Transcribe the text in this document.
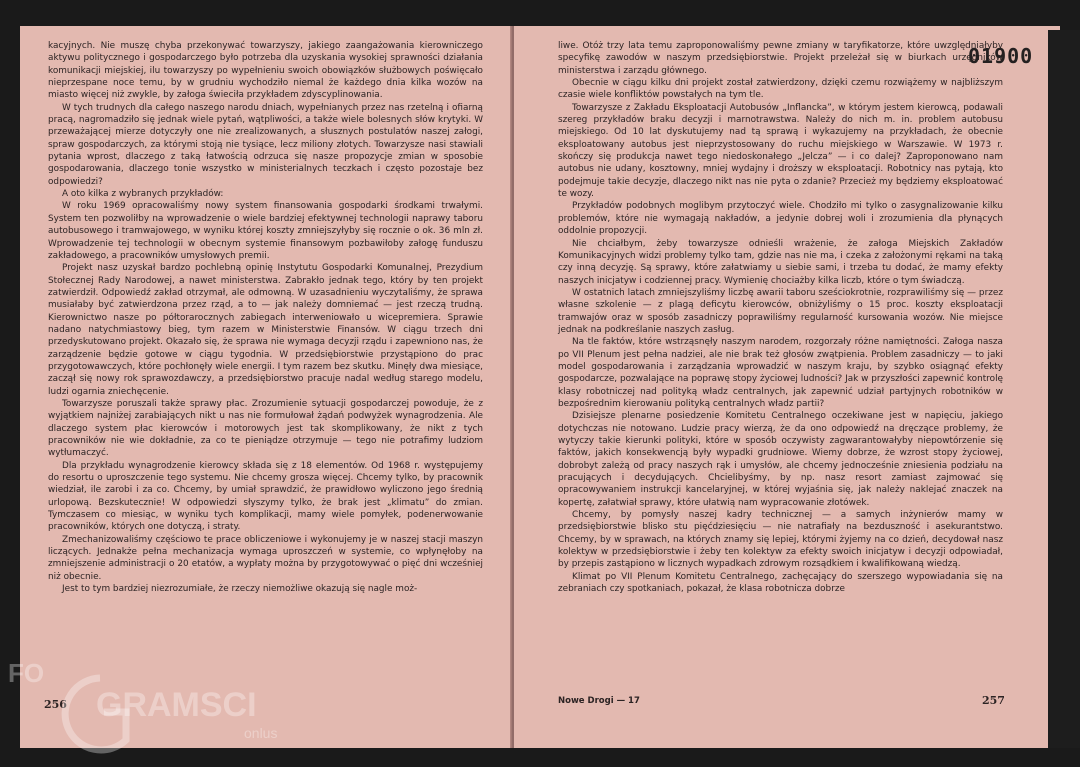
kacyjnych. Nie muszę chyba przekonywać towarzyszy, jakiego zaangażowania kierowniczego aktywu politycznego i gospodarczego było potrzeba dla uzyskania wysokiej sprawności działania komunikacji miejskiej, ilu towarzyszy po wypełnieniu swoich obowiązków służbowych poświęcało nieprzespane noce temu, by w grudniu wychodziło niemal że każdego dnia kilka wozów na miasto więcej niż zwykle, by załoga świeciła przykładem zdyscyplinowania.

W tych trudnych dla całego naszego narodu dniach, wypełnianych przez nas rzetelną i ofiarną pracą, nagromadziło się jednak wiele pytań, wątpliwości, a także wiele bolesnych słów krytyki. W przeważającej mierze dotyczyły one nie zrealizowanych, a słusznych postulatów naszej załogi, spraw gospodarczych, za którymi stoją nie tysiące, lecz miliony złotych. Towarzysze nasi stawiali pytania wprost, dlaczego z taką łatwością odrzuca się nasze propozycje zmian w sposobie gospodarowania, dlaczego tonie wszystko w ministerialnych teczkach i często pozostaje bez odpowiedzi?

A oto kilka z wybranych przykładów:

W roku 1969 opracowaliśmy nowy system finansowania gospodarki środkami trwałymi. System ten pozwoliłby na wprowadzenie o wiele bardziej efektywnej technologii naprawy taboru autobusowego i tramwajowego, w wyniku której koszty zmniejszyłyby się rocznie o ok. 36 mln zł. Wprowadzenie tej technologii w obecnym systemie finansowym pozbawiłoby załogę funduszu zakładowego, a pracowników umysłowych premii.

Projekt nasz uzyskał bardzo pochlebną opinię Instytutu Gospodarki Komunalnej, Prezydium Stołecznej Rady Narodowej, a nawet ministerstwa. Zabrakło jednak tego, który by ten projekt zatwierdził. Odpowiedź zakład otrzymał, ale odmowną. W uzasadnieniu wyczytaliśmy, że sprawa musiałaby być zatwierdzona przez rząd, a to — jak należy domniemać — jest rzeczą trudną. Kierownictwo nasze po półtorarocznych zabiegach interweniowało u wicepremiera. Sprawie nadano natychmiastowy bieg, tym razem w Ministerstwie Finansów. W ciągu trzech dni przedyskutowano projekt. Okazało się, że sprawa nie wymaga decyzji rządu i zapewniono nas, że zarządzenie będzie gotowe w ciągu tygodnia. W przedsiębiorstwie przystąpiono do prac przygotowawczych, które pochłonęły wiele energii. I tym razem bez skutku. Minęły dwa miesiące, zaczął się nowy rok sprawozdawczy, a przedsiębiorstwo pracuje nadal według starego modelu, ludzi ogarnia zniechęcenie.

Towarzysze poruszali także sprawy płac. Zrozumienie sytuacji gospodarczej powoduje, że z wyjątkiem najniżej zarabiających nikt u nas nie formułował żądań podwyżek wynagrodzenia. Ale dlaczego system płac kierowców i motorowych jest tak skomplikowany, że nikt z tych pracowników nie wie dokładnie, za co te pieniądze otrzymuje — tego nie potrafimy ludziom wytłumaczyć.

Dla przykładu wynagrodzenie kierowcy składa się z 18 elementów. Od 1968 r. występujemy do resortu o uproszczenie tego systemu. Nie chcemy grosza więcej. Chcemy tylko, by pracownik wiedział, ile zarobi i za co. Chcemy, by umiał sprawdzić, że prawidłowo wyliczono jego średnią urlopową. Bezskutecznie! W odpowiedzi słyszymy tylko, że brak jest „klimatu” do zmian. Tymczasem co miesiąc, w wyniku tych komplikacji, mamy wiele pomyłek, podenerwowanie pracowników, których one dotyczą, i straty.

Zmechanizowaliśmy częściowo te prace obliczeniowe i wykonujemy je w naszej stacji maszyn liczących. Jednakże pełna mechanizacja wymaga uproszczeń w systemie, co wpłynęłoby na zmniejszenie administracji o 20 etatów, a wypłaty można by przygotowywać o pięć dni wcześniej niż obecnie.

Jest to tym bardziej niezrozumiałe, że rzeczy niemożliwe okazują się nagle moż-

256

liwe. Otóż trzy lata temu zaproponowaliśmy pewne zmiany w taryfikatorze, które uwzględniałyby specyfikę zawodów w naszym przedsiębiorstwie. Projekt przeleżał się w biurkach urzędników ministerstwa i zarządu głównego.

Obecnie w ciągu kilku dni projekt został zatwierdzony, dzięki czemu rozwiążemy w najbliższym czasie wiele konfliktów powstałych na tym tle.

Towarzysze z Zakładu Eksploatacji Autobusów „Inflancka”, w którym jestem kierowcą, podawali szereg przykładów braku decyzji i marnotrawstwa. Należy do nich m. in. problem autobusu miejskiego. Od 10 lat dyskutujemy nad tą sprawą i wykazujemy na przykładach, że obecnie eksploatowany autobus jest nieprzystosowany do ruchu miejskiego w Warszawie. W 1973 r. skończy się produkcja nawet tego niedoskonałego „Jelcza” — i co dalej? Zaproponowano nam autobus nie udany, kosztowny, mniej wydajny i droższy w eksploatacji. Robotnicy nas pytają, kto podejmuje takie decyzje, dlaczego nikt nas nie pyta o zdanie? Przecież my będziemy eksploatować te wozy.

Przykładów podobnych moglibym przytoczyć wiele. Chodziło mi tylko o zasygnalizowanie kilku problemów, które nie wymagają nakładów, a jedynie dobrej woli i zrozumienia dla płynących oddolnie propozycji.

Nie chciałbym, żeby towarzysze odnieśli wrażenie, że załoga Miejskich Zakładów Komunikacyjnych widzi problemy tylko tam, gdzie nas nie ma, i czeka z założonymi rękami na taką czy inną decyzję. Są sprawy, które załatwiamy u siebie sami, i trzeba tu dodać, że mamy efekty naszych inicjatyw i codziennej pracy. Wymienię chociażby kilka liczb, które o tym świadczą.

W ostatnich latach zmniejszyliśmy liczbę awarii taboru sześciokrotnie, rozprawiliśmy się — przez własne szkolenie — z plagą deficytu kierowców, obniżyliśmy o 15 proc. koszty eksploatacji tramwajów oraz w sposób zasadniczy poprawiliśmy regularność kursowania wozów. Nie miejsce jednak na podkreślanie naszych zasług.

Na tle faktów, które wstrząsnęły naszym narodem, rozgorzały różne namiętności. Załoga nasza po VII Plenum jest pełna nadziei, ale nie brak też głosów zwątpienia. Problem zasadniczy — to jaki model gospodarowania i zarządzania wprowadzić w naszym kraju, by szybko osiągnąć efekty gospodarcze, pozwalające na poprawę stopy życiowej ludności? Jak w przyszłości zapewnić kontrolę klasy robotniczej nad polityką władz centralnych, jak zapewnić udział partyjnych robotników w bezpośrednim kierowaniu polityką centralnych władz partii?

Dzisiejsze plenarne posiedzenie Komitetu Centralnego oczekiwane jest w napięciu, jakiego dotychczas nie notowano. Ludzie pracy wierzą, że da ono odpowiedź na dręczące problemy, że wytyczy takie kierunki polityki, które w sposób oczywisty zagwarantowałyby niepowtórzenie się faktów, jakich konsekwencją były wypadki grudniowe. Wiemy dobrze, że wzrost stopy życiowej, dobrobyt zależą od pracy naszych rąk i umysłów, ale chcemy jednocześnie zniesienia podziału na pracujących i decydujących. Chcielibyśmy, by np. nasz resort zamiast zajmować się opracowywaniem instrukcji kancelaryjnej, w której wyjaśnia się, jak należy naklejać znaczek na kopertę, załatwiał sprawy, które ułatwią nam wypracowanie złotówek.

Chcemy, by pomysły naszej kadry technicznej — a samych inżynierów mamy w przedsiębiorstwie blisko stu pięćdziesięciu — nie natrafiały na bezduszność i asekurantstwo. Chcemy, by w sprawach, na których znamy się lepiej, którymi żyjemy na co dzień, decydował nasz kolektyw w przedsiębiorstwie i żeby ten kolektyw za efekty swoich inicjatyw i decyzji odpowiadał, by przepis zastąpiono w licznych wypadkach zdrowym rozsądkiem i kwalifikowaną wiedzą.

Klimat po VII Plenum Komitetu Centralnego, zachęcający do szerszego wypowiadania się na zebraniach czy spotkaniach, pokazał, że klasa robotnicza dobrze

Nowe Drogi — 17	257
01900
FO
GRAMSCI
onlus
